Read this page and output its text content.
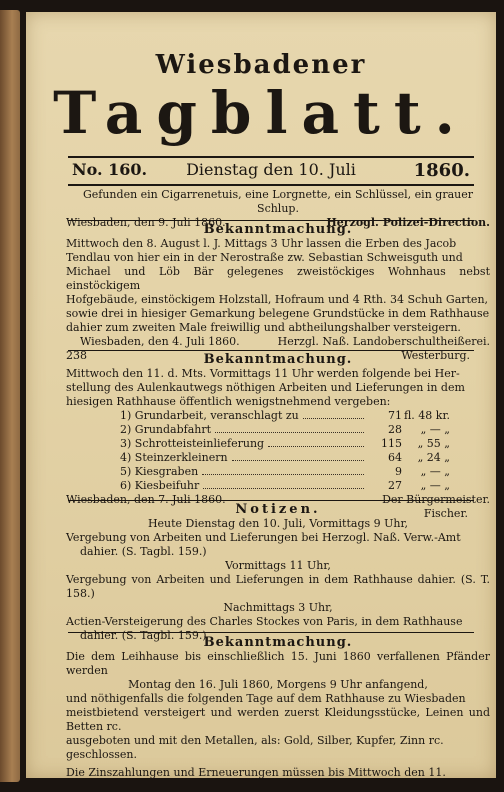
Wiesbadener
Tagblatt.
No. 160.	Dienstag den 10. Juli	1860.

Gefunden ein Cigarrenetuis, eine Lorgnette, ein Schlüssel, ein grauer Schlup.

Wiesbaden, den 9. Juli 1860.	Herzogl. Polizei-Direction.

Bekanntmachung.

Mittwoch den 8. August l. J. Mittags 3 Uhr lassen die Erben des Jacob

Tendlau von hier ein in der Nerostraße zw. Sebastian Schweisguth und

Michael und Löb Bär gelegenes zweistöckiges Wohnhaus nebst einstöckigem

Hofgebäude, einstöckigem Holzstall, Hofraum und 4 Rth. 34 Schuh Garten,

sowie drei in hiesiger Gemarkung belegene Grundstücke in dem Rathhause

dahier zum zweiten Male freiwillig und abtheilungshalber versteigern.

Wiesbaden, den 4. Juli 1860.	Herzgl. Naß. Landoberschultheißerei.
238	Westerburg.

Bekanntmachung.

Mittwoch den 11. d. Mts. Vormittags 11 Uhr werden folgende bei Her-

stellung des Aulenkautwegs nöthigen Arbeiten und Lieferungen in dem

hiesigen Rathhause öffentlich wenigstnehmend vergeben:

1) Grundarbeit, veranschlagt zu	71 fl. 48 kr.
2) Grundabfahrt	28	„ — „
3) Schrotteisteinlieferung	115	„ 55 „
4) Steinzerkleinern	64	„ 24 „
5) Kiesgraben	9	„ — „
6) Kiesbeifuhr	27	„ — „
Wiesbaden, den 7. Juli 1860.	Der Bürgermeister.
Fischer.

Notizen.

Heute Dienstag den 10. Juli, Vormittags 9 Uhr,

Vergebung von Arbeiten und Lieferungen bei Herzogl. Naß. Verw.-Amt

dahier. (S. Tagbl. 159.)

Vormittags 11 Uhr,

Vergebung von Arbeiten und Lieferungen in dem Rathhause dahier. (S. T. 158.)

Nachmittags 3 Uhr,

Actien-Versteigerung des Charles Stockes von Paris, in dem Rathhause

dahier. (S. Tagbl. 159.)

Bekanntmachung.

Die dem Leihhause bis einschließlich 15. Juni 1860 verfallenen Pfänder werden

Montag den 16. Juli 1860, Morgens 9 Uhr anfangend,

und nöthigenfalls die folgenden Tage auf dem Rathhause zu Wiesbaden

meistbietend versteigert und werden zuerst Kleidungsstücke, Leinen und Betten rc.

ausgeboten und mit den Metallen, als: Gold, Silber, Kupfer, Zinn rc.

geschlossen.

Die Zinszahlungen und Erneuerungen müssen bis Mittwoch den 11.
